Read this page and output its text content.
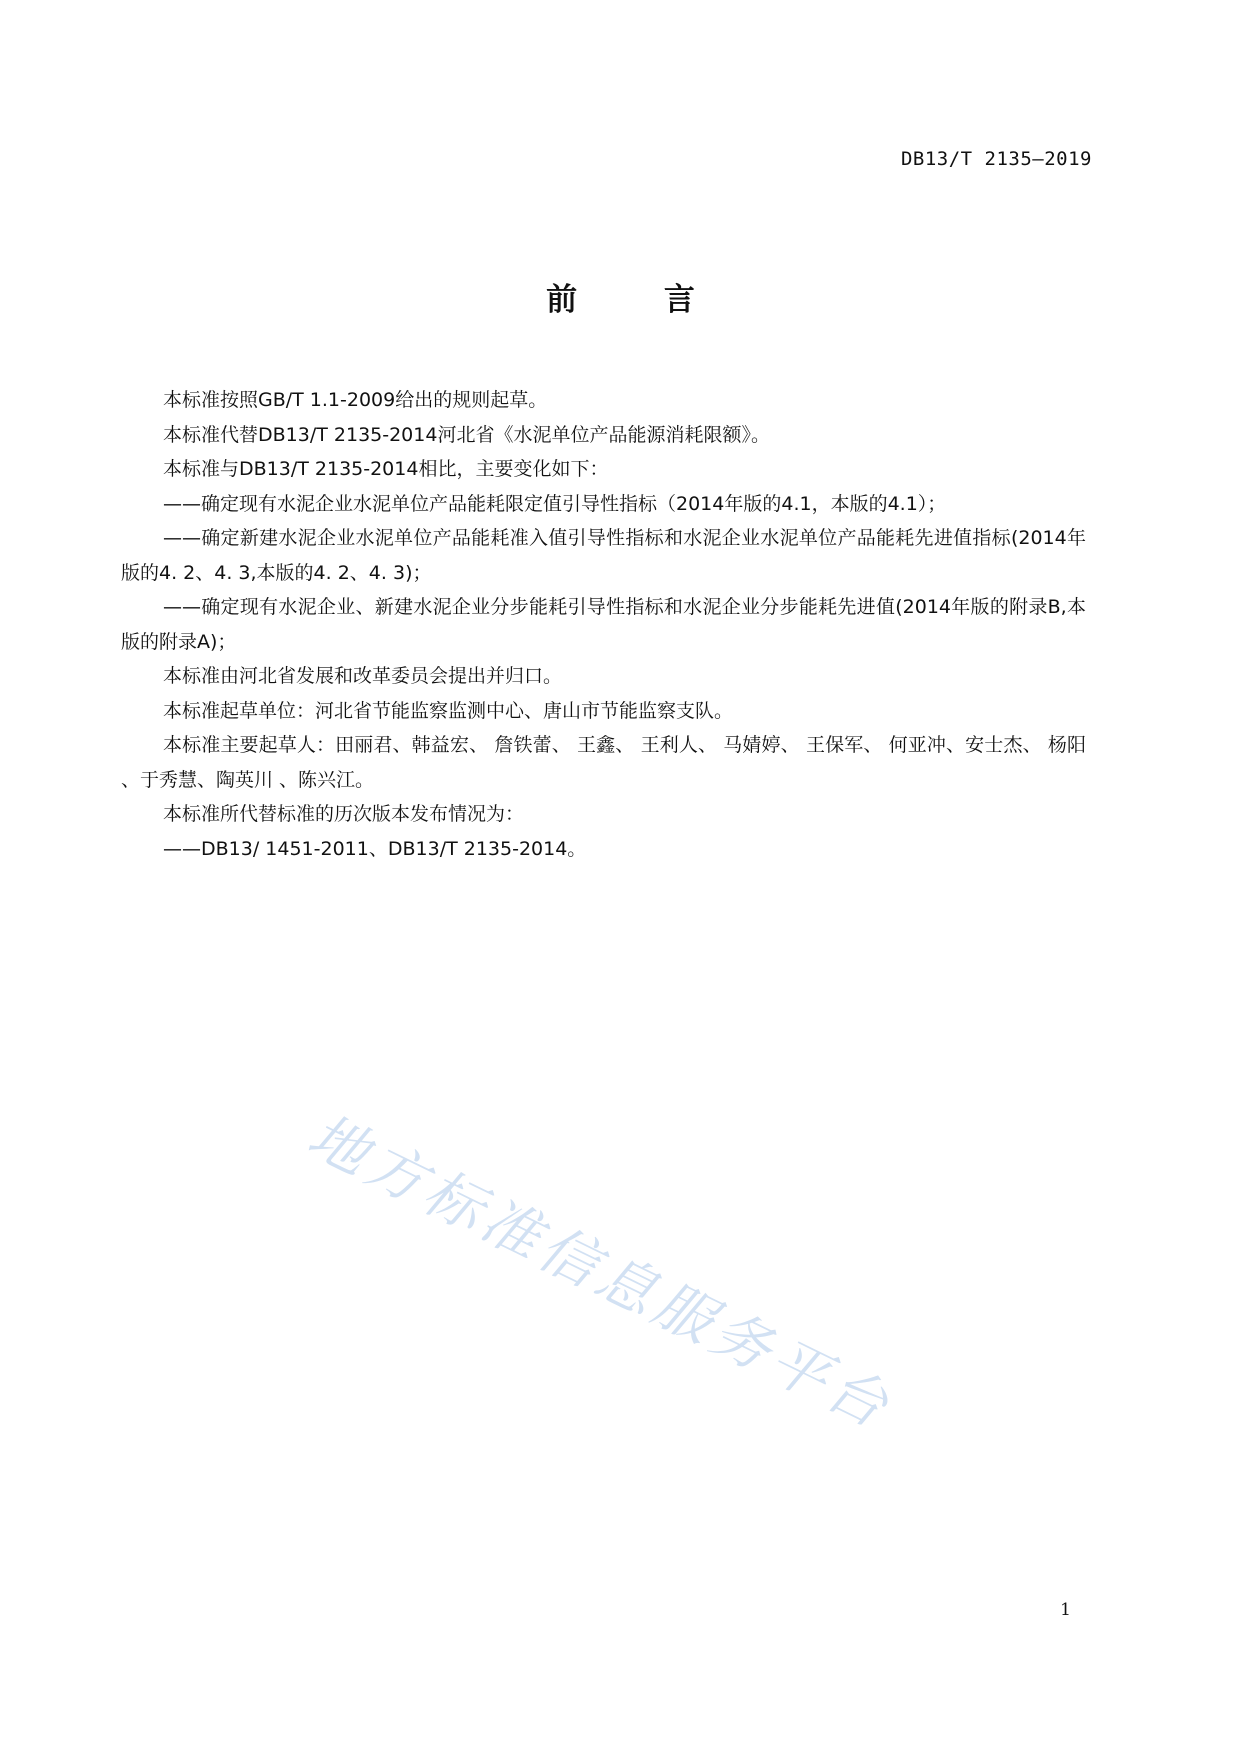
DB13/T 2135—2019
前 言

本标准按照GB/T 1.1-2009给出的规则起草。

本标准代替DB13/T 2135-2014河北省《水泥单位产品能源消耗限额》。

本标准与DB13/T 2135-2014相比，主要变化如下：

——确定现有水泥企业水泥单位产品能耗限定值引导性指标（2014年版的4.1，本版的4.1）；

——确定新建水泥企业水泥单位产品能耗准入值引导性指标和水泥企业水泥单位产品能耗先进值指标(2014年版的4. 2、4. 3,本版的4. 2、4. 3)；

——确定现有水泥企业、新建水泥企业分步能耗引导性指标和水泥企业分步能耗先进值(2014年版的附录B,本版的附录A)；

本标准由河北省发展和改革委员会提出并归口。

本标准起草单位：河北省节能监察监测中心、唐山市节能监察支队。

本标准主要起草人：田丽君、韩益宏、 詹铁蕾、 王鑫、 王利人、 马婧婷、 王保军、 何亚冲、安士杰、 杨阳 、于秀慧、陶英川 、陈兴江。

本标准所代替标准的历次版本发布情况为：

——DB13/ 1451-2011、DB13/T 2135-2014。

地方标准信息服务平台
1
